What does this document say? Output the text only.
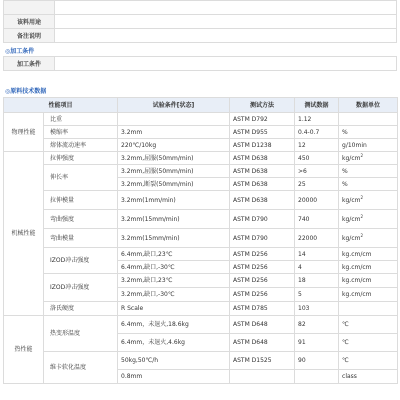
该料用途	
备注说明	
◎加工条件
加工条件	
◎原料技术数据
性能项目		试验条件[状态]	测试方法	测试数据	数据单位
物理性能	比重		ASTM D792	1.12	
	模缩率	3.2mm	ASTM D955	0.4-0.7	%
	熔体流动速率	220℃/10kg	ASTM D1238	12	g/10min
机械性能	拉伸强度	3.2mm,屈服(50mm/min)	ASTM D638	450	$kg/cm^2$
	伸长率	3.2mm,屈服(50mm/min)	ASTM D638	>6	%
		3.2mm,断裂(50mm/min)	ASTM D638	25	%
	拉伸模量	3.2mm(1mm/min)	ASTM D638	20000	$kg/cm^2$
	弯曲强度	3.2mm(15mm/min)	ASTM D790	740	$kg/cm^2$
	弯曲模量	3.2mm(15mm/min)	ASTM D790	22000	$kg/cm^2$
	IZOD冲击强度	6.4mm,缺口,23℃	ASTM D256	14	kg.cm/cm
		6.4mm,缺口,-30℃	ASTM D256	4	kg.cm/cm
	IZOD冲击强度	3.2mm,缺口,23℃	ASTM D256	18	kg.cm/cm
		3.2mm,缺口,-30℃	ASTM D256	5	kg.cm/cm
	洛氏硬度	R Scale	ASTM D785	103	
热性能	热变形温度	6.4mm，未退火,18.6kg	ASTM D648	82	℃
		6.4mm，未退火,4.6kg	ASTM D648	91	℃
	维卡软化温度	50kg,50℃/h	ASTM D1525	90	℃
		0.8mm			class
